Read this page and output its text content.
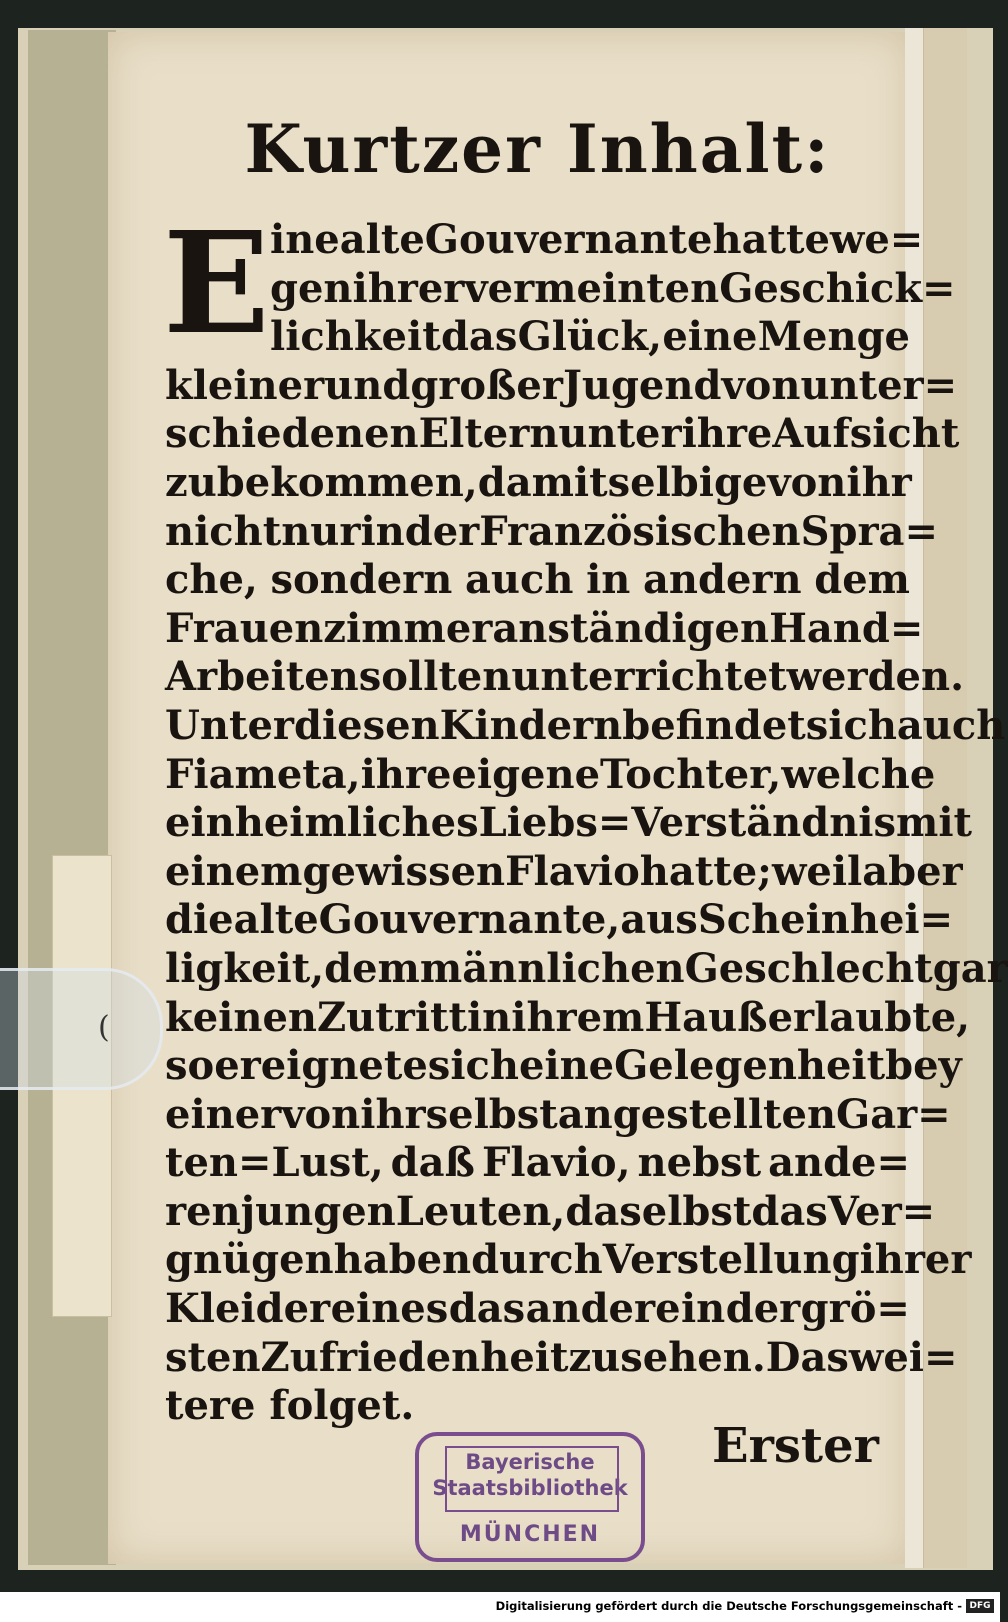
Kurtzer Inhalt:
E ine alte Gouvernante hatte we=
gen ihrer vermeinten Geschick=
lichkeit das Glück, eine Menge
kleiner und großer Jugend von unter=
schiedenen Eltern unter ihre Aufsicht
zu bekommen, damit selbige von ihr
nicht nur in der Französischen Spra=
che, sondern auch in andern dem
Frauenzimmer anständigen Hand=
Arbeiten sollten unterrichtet werden.
Unter diesen Kindern befindet sich auch
Fiameta, ihre eigene Tochter, welche
ein heimliches Liebs=Verständnis mit
einem gewissen Flavio hatte; weil aber
die alte Gouvernante, aus Scheinhei=
ligkeit, dem männlichen Geschlecht gar
keinen Zutritt in ihrem Hauß erlaubte,
so ereignete sich eine Gelegenheit bey
einer von ihr selbst angestellten Gar=
ten=Lust, daß Flavio, nebst ande=
ren jungen Leuten, daselbst das Ver=
gnügen haben durch Verstellung ihrer
Kleider eines das andere in der grö=
sten Zufriedenheit zu sehen. Das wei=
tere folget.
Erster
Bayerische
Staatsbibliothek
MÜNCHEN
(
Digitalisierung gefördert durch die Deutsche Forschungsgemeinschaft - DFG
